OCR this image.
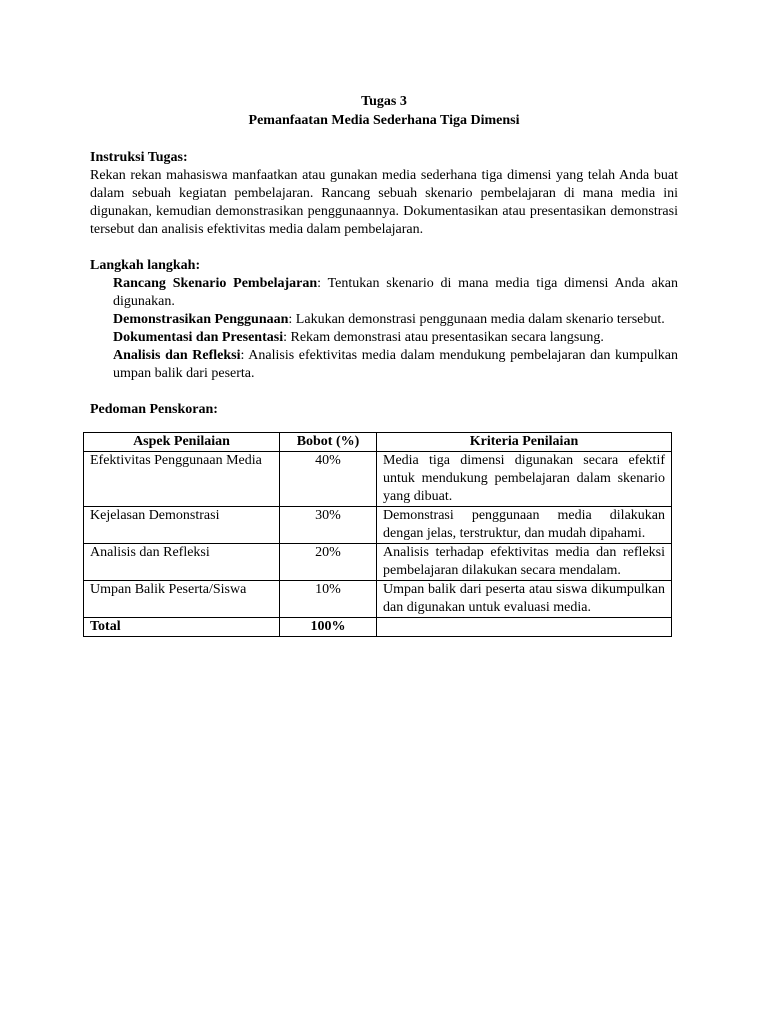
Tugas 3
Pemanfaatan Media Sederhana Tiga Dimensi
Instruksi Tugas:
Rekan rekan mahasiswa manfaatkan atau gunakan media sederhana tiga dimensi yang telah Anda buat dalam sebuah kegiatan pembelajaran. Rancang sebuah skenario pembelajaran di mana media ini digunakan, kemudian demonstrasikan penggunaannya. Dokumentasikan atau presentasikan demonstrasi tersebut dan analisis efektivitas media dalam pembelajaran.
Langkah langkah:
Rancang Skenario Pembelajaran: Tentukan skenario di mana media tiga dimensi Anda akan digunakan.
Demonstrasikan Penggunaan: Lakukan demonstrasi penggunaan media dalam skenario tersebut.
Dokumentasi dan Presentasi: Rekam demonstrasi atau presentasikan secara langsung.
Analisis dan Refleksi: Analisis efektivitas media dalam mendukung pembelajaran dan kumpulkan umpan balik dari peserta.
Pedoman Penskoran:
Aspek Penilaian	Bobot (%)	Kriteria Penilaian
Efektivitas Penggunaan Media	40%	Media tiga dimensi digunakan secara efektif untuk mendukung pembelajaran dalam skenario yang dibuat.
Kejelasan Demonstrasi	30%	Demonstrasi penggunaan media dilakukan dengan jelas, terstruktur, dan mudah dipahami.
Analisis dan Refleksi	20%	Analisis terhadap efektivitas media dan refleksi pembelajaran dilakukan secara mendalam.
Umpan Balik Peserta/Siswa	10%	Umpan balik dari peserta atau siswa dikumpulkan dan digunakan untuk evaluasi media.
Total	100%	
